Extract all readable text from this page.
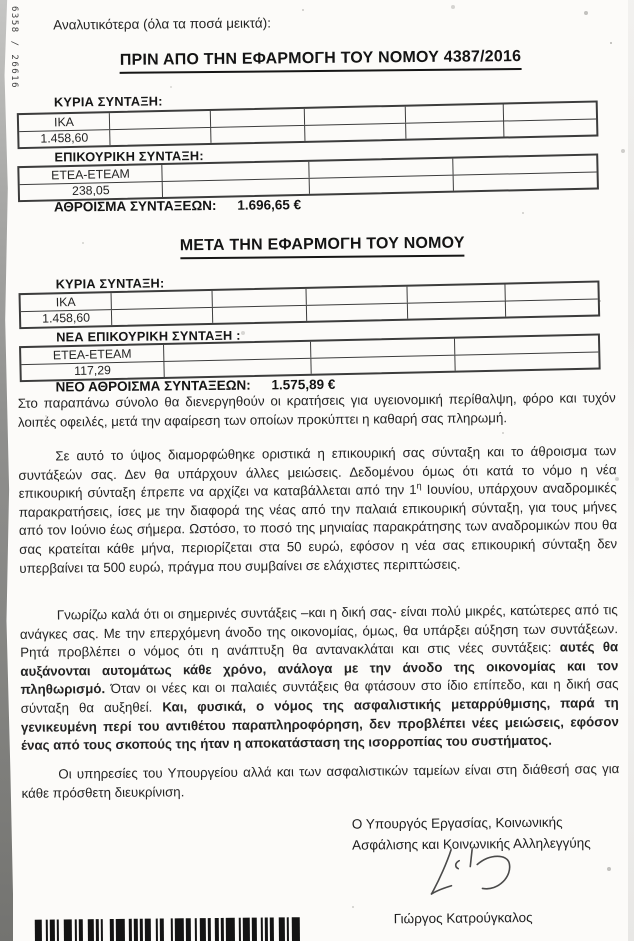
6358 / 26616	Αναλυτικότερα (όλα τα ποσά μεικτά):
ΠΡΙΝ ΑΠΟ ΤΗΝ ΕΦΑΡΜΟΓΗ ΤΟΥ ΝΟΜΟΥ 4387/2016
ΚΥΡΙΑ ΣΥΝΤΑΞΗ:
ΙΚΑ
1.458,60
ΕΠΙΚΟΥΡΙΚΗ ΣΥΝΤΑΞΗ:
ΕΤΕΑ-ΕΤΕΑΜ
238,05
ΑΘΡΟΙΣΜΑ ΣΥΝΤΑΞΕΩΝ: 1.696,65 €
ΜΕΤΑ ΤΗΝ ΕΦΑΡΜΟΓΗ ΤΟΥ ΝΟΜΟΥ
ΚΥΡΙΑ ΣΥΝΤΑΞΗ:
ΙΚΑ
1.458,60
ΝΕΑ ΕΠΙΚΟΥΡΙΚΗ ΣΥΝΤΑΞΗ :
ΕΤΕΑ-ΕΤΕΑΜ
117,29
ΝΕΟ ΑΘΡΟΙΣΜΑ ΣΥΝΤΑΞΕΩΝ: 1.575,89 €
Στο παραπάνω σύνολο θα διενεργηθούν οι κρατήσεις για υγειονομική περίθαλψη, φόρο και τυχόν λοιπές οφειλές, μετά την αφαίρεση των οποίων προκύπτει η καθαρή σας πληρωμή.
Σε αυτό το ύψος διαμορφώθηκε οριστικά η επικουρική σας σύνταξη και το άθροισμα των συντάξεών σας. Δεν θα υπάρχουν άλλες μειώσεις. Δεδομένου όμως ότι κατά το νόμο η νέα επικουρική σύνταξη έπρεπε να αρχίζει να καταβάλλεται από την $1^\eta$ Ιουνίου, υπάρχουν αναδρομικές παρακρατήσεις, ίσες με την διαφορά της νέας από την παλαιά επικουρική σύνταξη, για τους μήνες από τον Ιούνιο έως σήμερα. Ωστόσο, το ποσό της μηνιαίας παρακράτησης των αναδρομικών που θα σας κρατείται κάθε μήνα, περιορίζεται στα 50 ευρώ, εφόσον η νέα σας επικουρική σύνταξη δεν υπερβαίνει τα 500 ευρώ, πράγμα που συμβαίνει σε ελάχιστες περιπτώσεις.
Γνωρίζω καλά ότι οι σημερινές συντάξεις –και η δική σας- είναι πολύ μικρές, κατώτερες από τις ανάγκες σας. Με την επερχόμενη άνοδο της οικονομίας, όμως, θα υπάρξει αύξηση των συντάξεων. Ρητά προβλέπει ο νόμος ότι η ανάπτυξη θα αντανακλάται και στις νέες συντάξεις: αυτές θα αυξάνονται αυτομάτως κάθε χρόνο, ανάλογα με την άνοδο της οικονομίας και τον πληθωρισμό. Όταν οι νέες και οι παλαιές συντάξεις θα φτάσουν στο ίδιο επίπεδο, και η δική σας σύνταξη θα αυξηθεί. Και, φυσικά, ο νόμος της ασφαλιστικής μεταρρύθμισης, παρά τη γενικευμένη περί του αντιθέτου παραπληροφόρηση, δεν προβλέπει νέες μειώσεις, εφόσον ένας από τους σκοπούς της ήταν η αποκατάσταση της ισορροπίας του συστήματος.
Οι υπηρεσίες του Υπουργείου αλλά και των ασφαλιστικών ταμείων είναι στη διάθεσή σας για κάθε πρόσθετη διευκρίνιση.
Ο Υπουργός Εργασίας, Κοινωνικής
Ασφάλισης και Κοινωνικής Αλληλεγγύης
Γιώργος Κατρούγκαλος
